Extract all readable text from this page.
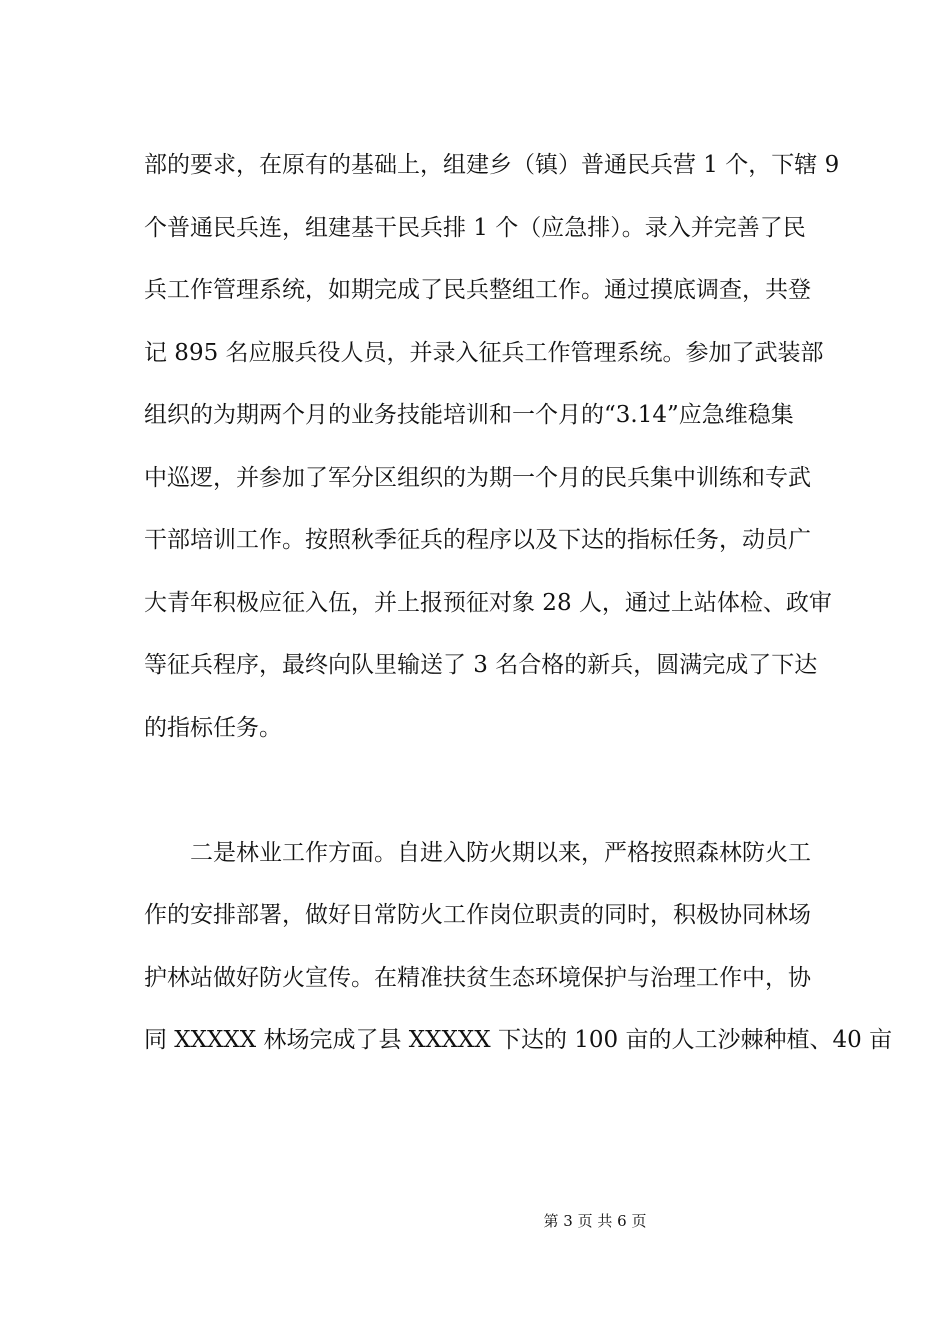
部的要求，在原有的基础上，组建乡（镇）普通民兵营 1 个，下辖 9
个普通民兵连，组建基干民兵排 1 个（应急排）。录入并完善了民
兵工作管理系统，如期完成了民兵整组工作。通过摸底调查，共登
记 895 名应服兵役人员，并录入征兵工作管理系统。参加了武装部
组织的为期两个月的业务技能培训和一个月的“3.14”应急维稳集
中巡逻，并参加了军分区组织的为期一个月的民兵集中训练和专武
干部培训工作。按照秋季征兵的程序以及下达的指标任务，动员广
大青年积极应征入伍，并上报预征对象 28 人，通过上站体检、政审
等征兵程序，最终向队里输送了 3 名合格的新兵，圆满完成了下达
的指标任务。
　　二是林业工作方面。自进入防火期以来，严格按照森林防火工
作的安排部署，做好日常防火工作岗位职责的同时，积极协同林场
护林站做好防火宣传。在精准扶贫生态环境保护与治理工作中，协
同 XXXXX 林场完成了县 XXXXX 下达的 100 亩的人工沙棘种植、40 亩
第 3 页 共 6 页
